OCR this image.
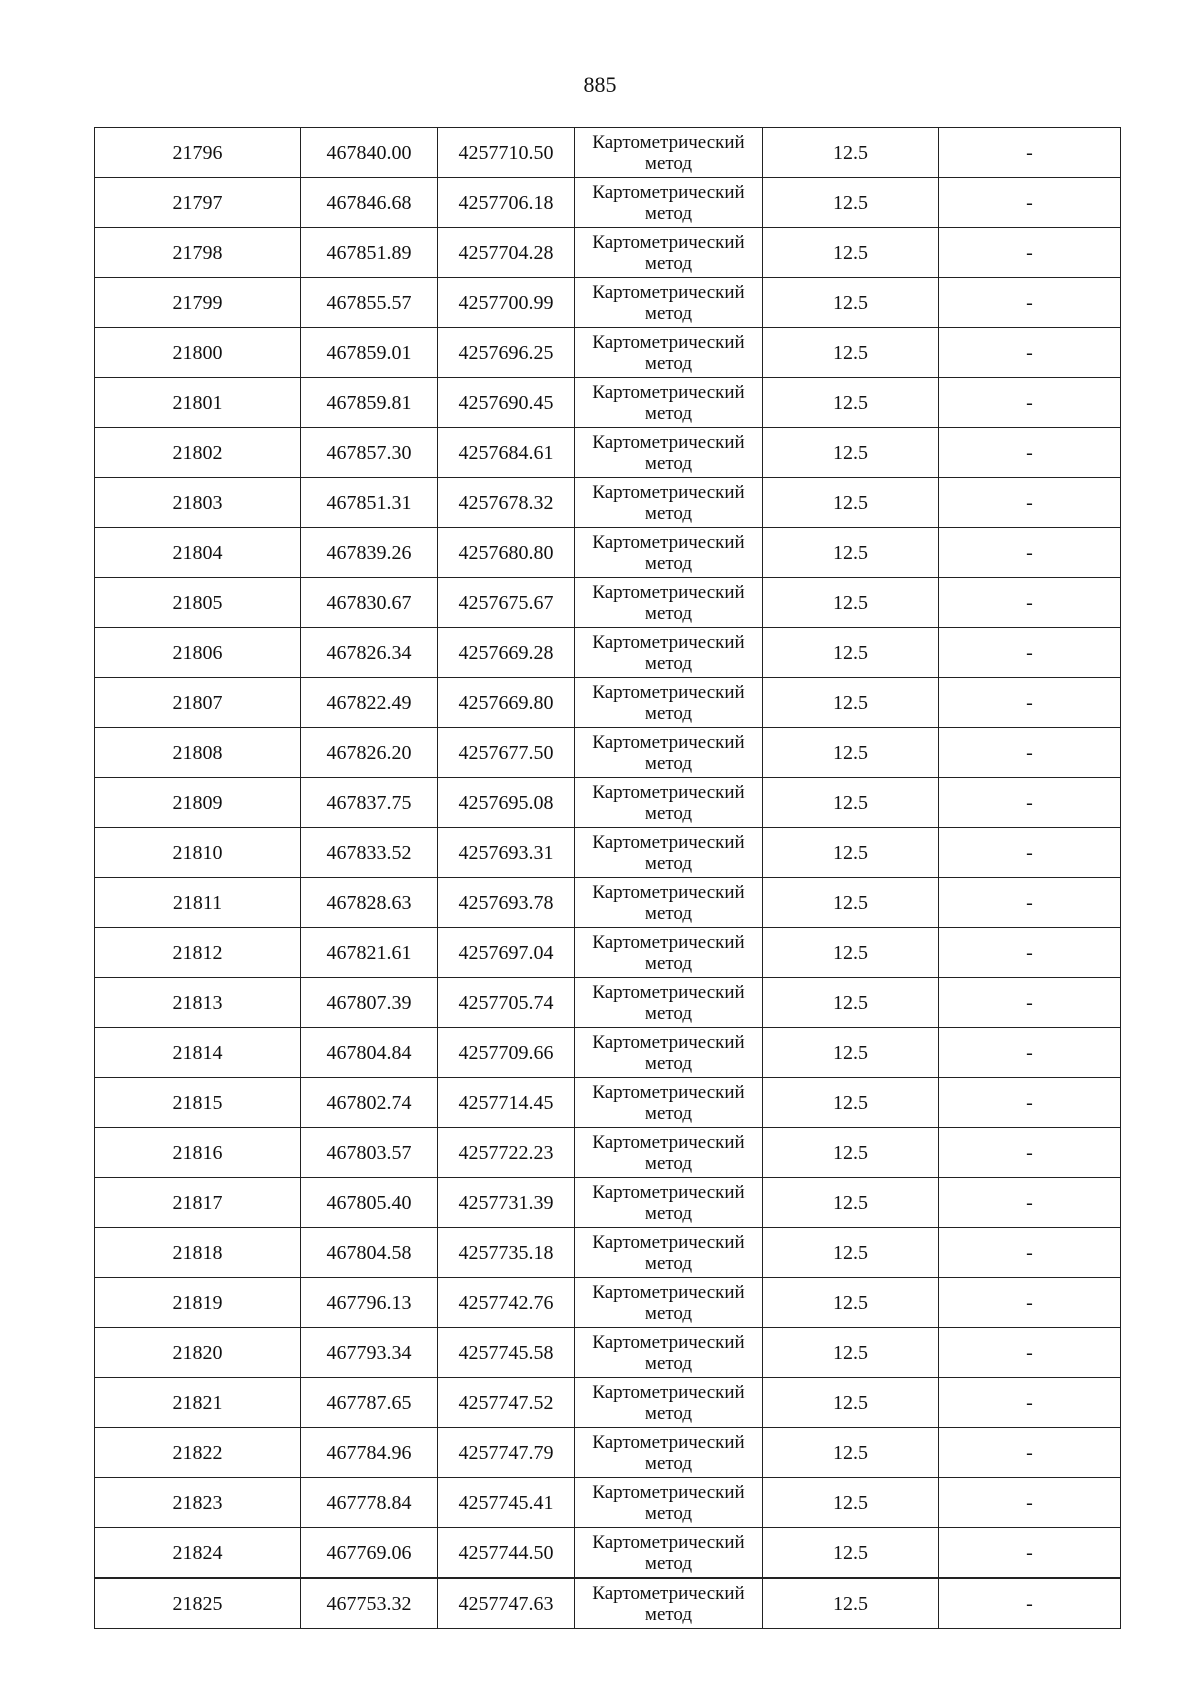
885
21796	467840.00	4257710.50	Картометрический метод	12.5	-
21797	467846.68	4257706.18	Картометрический метод	12.5	-
21798	467851.89	4257704.28	Картометрический метод	12.5	-
21799	467855.57	4257700.99	Картометрический метод	12.5	-
21800	467859.01	4257696.25	Картометрический метод	12.5	-
21801	467859.81	4257690.45	Картометрический метод	12.5	-
21802	467857.30	4257684.61	Картометрический метод	12.5	-
21803	467851.31	4257678.32	Картометрический метод	12.5	-
21804	467839.26	4257680.80	Картометрический метод	12.5	-
21805	467830.67	4257675.67	Картометрический метод	12.5	-
21806	467826.34	4257669.28	Картометрический метод	12.5	-
21807	467822.49	4257669.80	Картометрический метод	12.5	-
21808	467826.20	4257677.50	Картометрический метод	12.5	-
21809	467837.75	4257695.08	Картометрический метод	12.5	-
21810	467833.52	4257693.31	Картометрический метод	12.5	-
21811	467828.63	4257693.78	Картометрический метод	12.5	-
21812	467821.61	4257697.04	Картометрический метод	12.5	-
21813	467807.39	4257705.74	Картометрический метод	12.5	-
21814	467804.84	4257709.66	Картометрический метод	12.5	-
21815	467802.74	4257714.45	Картометрический метод	12.5	-
21816	467803.57	4257722.23	Картометрический метод	12.5	-
21817	467805.40	4257731.39	Картометрический метод	12.5	-
21818	467804.58	4257735.18	Картометрический метод	12.5	-
21819	467796.13	4257742.76	Картометрический метод	12.5	-
21820	467793.34	4257745.58	Картометрический метод	12.5	-
21821	467787.65	4257747.52	Картометрический метод	12.5	-
21822	467784.96	4257747.79	Картометрический метод	12.5	-
21823	467778.84	4257745.41	Картометрический метод	12.5	-
21824	467769.06	4257744.50	Картометрический метод	12.5	-
21825	467753.32	4257747.63	Картометрический метод	12.5	-
